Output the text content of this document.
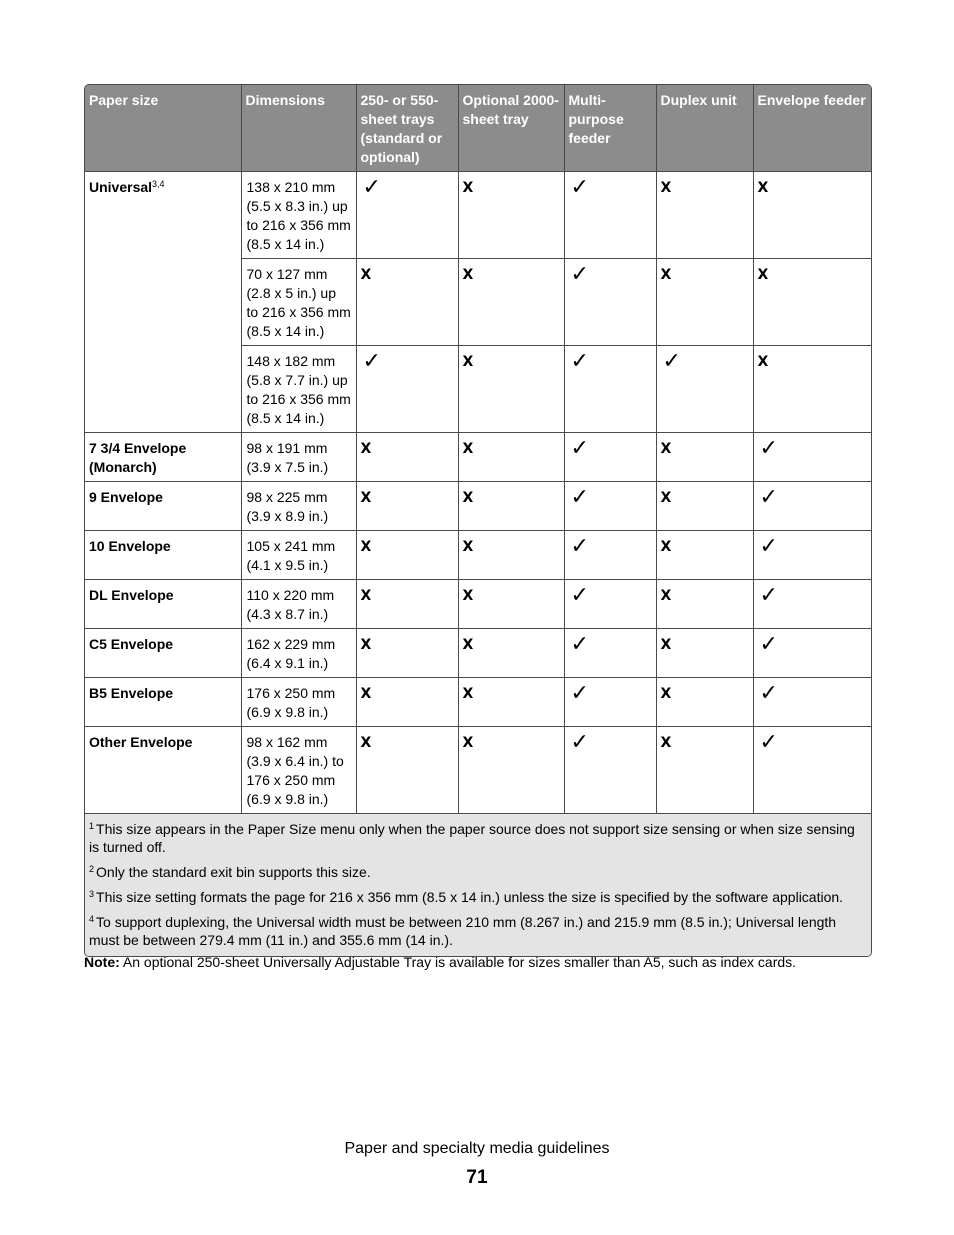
Paper size	Dimensions	250- or 550-sheet trays (standard or optional)	Optional 2000- sheet tray	Multi-purpose feeder	Duplex unit	Envelope feeder
Universal$^{3,4}$	138 x 210 mm (5.5 x 8.3 in.) up to 216 x 356 mm (8.5 x 14 in.)	✓	X	✓	X	X
	70 x 127 mm (2.8 x 5 in.) up to 216 x 356 mm (8.5 x 14 in.)	X	X	✓	X	X
	148 x 182 mm (5.8 x 7.7 in.) up to 216 x 356 mm (8.5 x 14 in.)	✓	X	✓	✓	X
7 3/4 Envelope (Monarch)	98 x 191 mm (3.9 x 7.5 in.)	X	X	✓	X	✓
9 Envelope	98 x 225 mm (3.9 x 8.9 in.)	X	X	✓	X	✓
10 Envelope	105 x 241 mm (4.1 x 9.5 in.)	X	X	✓	X	✓
DL Envelope	110 x 220 mm (4.3 x 8.7 in.)	X	X	✓	X	✓
C5 Envelope	162 x 229 mm (6.4 x 9.1 in.)	X	X	✓	X	✓
B5 Envelope	176 x 250 mm (6.9 x 9.8 in.)	X	X	✓	X	✓
Other Envelope	98 x 162 mm (3.9 x 6.4 in.) to 176 x 250 mm (6.9 x 9.8 in.)	X	X	✓	X	✓

$^1$ This size appears in the Paper Size menu only when the paper source does not support size sensing or when size sensing is turned off.
$^2$ Only the standard exit bin supports this size.
$^3$ This size setting formats the page for 216 x 356 mm (8.5 x 14 in.) unless the size is specified by the software application.
$^4$ To support duplexing, the Universal width must be between 210 mm (8.267 in.) and 215.9 mm (8.5 in.); Universal length must be between 279.4 mm (11 in.) and 355.6 mm (14 in.).						
Note: An optional 250-sheet Universally Adjustable Tray is available for sizes smaller than A5, such as index cards.
Paper and specialty media guidelines
71
